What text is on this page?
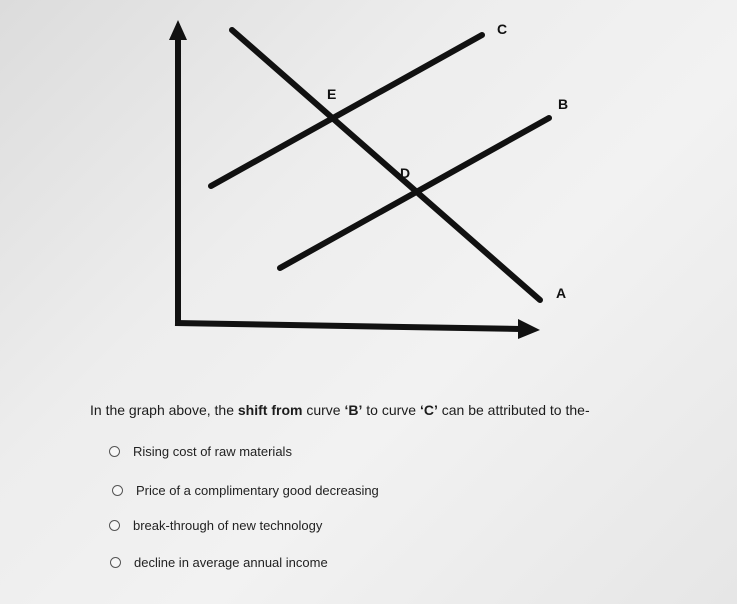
C
B
A
E
D
In the graph above, the shift from curve ‘B’ to curve ‘C’ can be attributed to the-
Rising cost of raw materials
Price of a complimentary good decreasing
break-through of new technology
decline in average annual income
